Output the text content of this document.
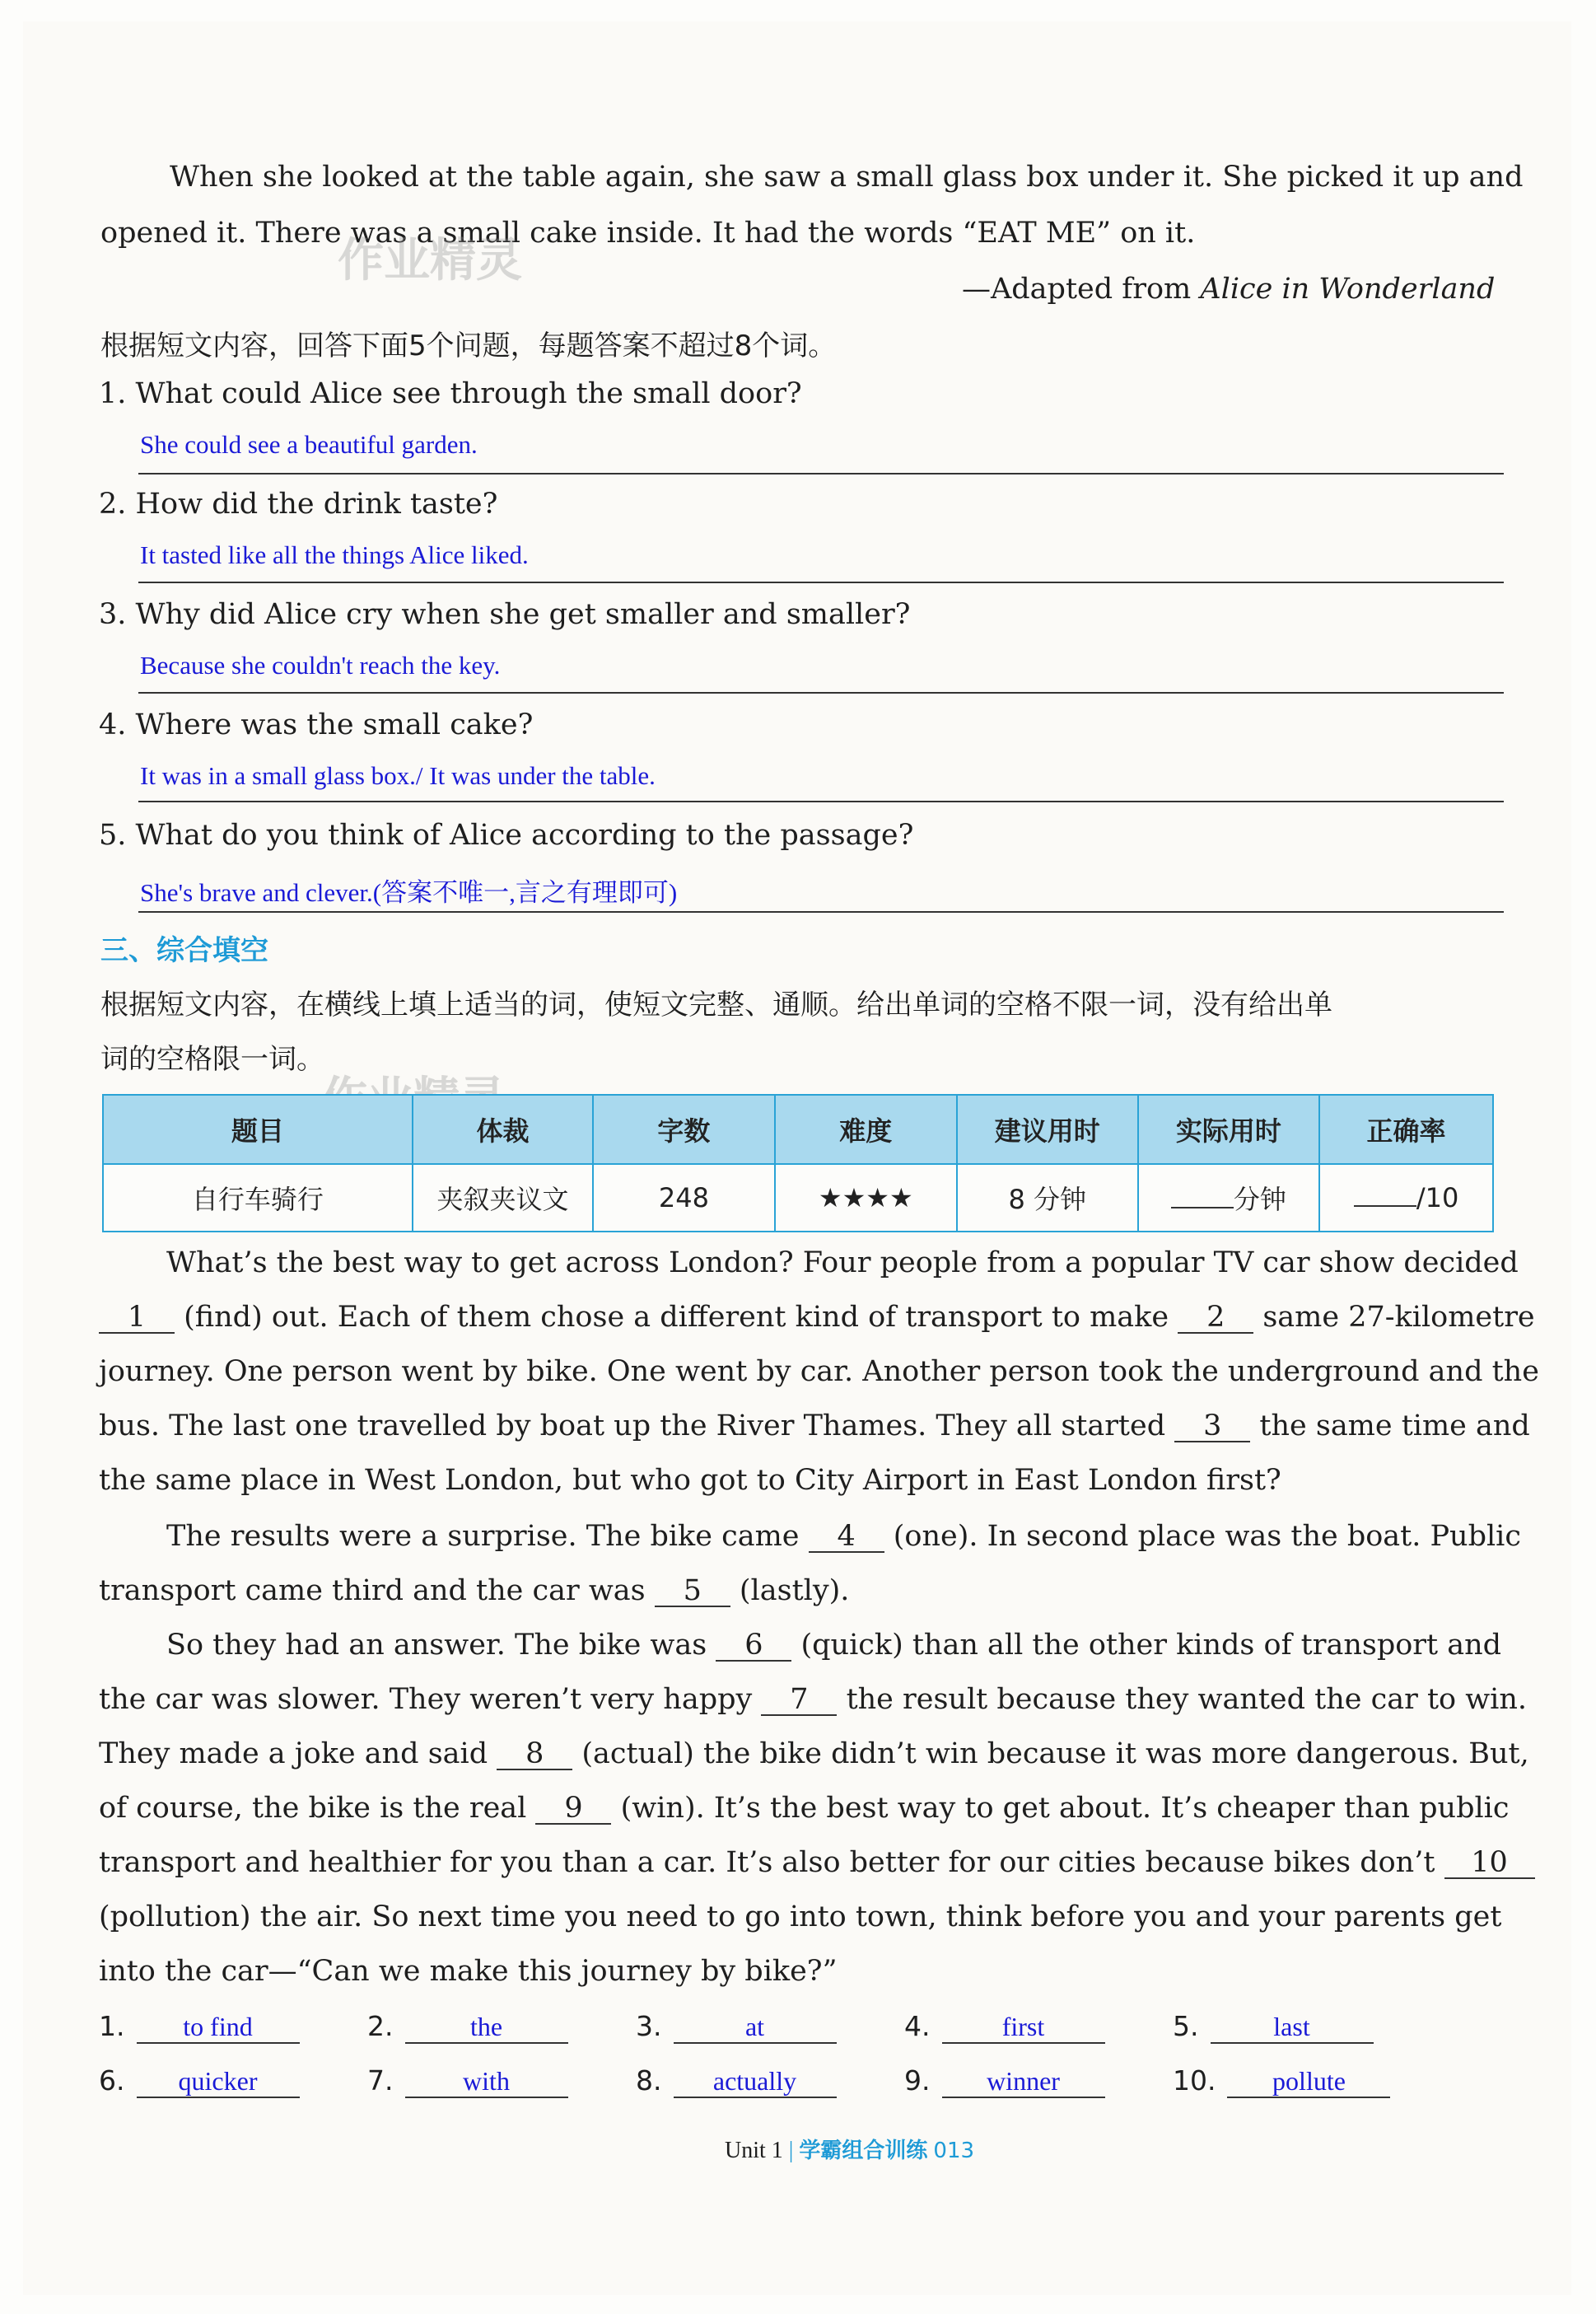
When she looked at the table again, she saw a small glass box under it. She picked it up and
opened it. There was a small cake inside. It had the words “EAT ME” on it.
—Adapted from Alice in Wonderland
作业精灵
根据短文内容，回答下面5个问题，每题答案不超过8个词。
1. What could Alice see through the small door?
She could see a beautiful garden.
2. How did the drink taste?
It tasted like all the things Alice liked.
3. Why did Alice cry when she get smaller and smaller?
Because she couldn't reach the key.
4. Where was the small cake?
It was in a small glass box./ It was under the table.
5. What do you think of Alice according to the passage?
She's brave and clever.(答案不唯一,言之有理即可)
三、综合填空
根据短文内容，在横线上填上适当的词，使短文完整、通顺。给出单词的空格不限一词，没有给出单
词的空格限一词。
题目	体裁	字数	难度	建议用时	实际用时	正确率
自行车骑行	夹叙夹议文	248	★★★★	8 分钟	分钟	/10
What’s the best way to get across London? Four people from a popular TV car show decided
1 (find) out. Each of them chose a different kind of transport to make 2 same 27-kilometre
journey. One person went by bike. One went by car. Another person took the underground and the
bus. The last one travelled by boat up the River Thames. They all started 3 the same time and
the same place in West London, but who got to City Airport in East London first?
The results were a surprise. The bike came 4 (one). In second place was the boat. Public
transport came third and the car was 5 (lastly).
So they had an answer. The bike was 6 (quick) than all the other kinds of transport and
the car was slower. They weren’t very happy 7 the result because they wanted the car to win.
They made a joke and said 8 (actual) the bike didn’t win because it was more dangerous. But,
of course, the bike is the real 9 (win). It’s the best way to get about. It’s cheaper than public
transport and healthier for you than a car. It’s also better for our cities because bikes don’t 10
(pollution) the air. So next time you need to go into town, think before you and your parents get
into the car—“Can we make this journey by bike?”
1. to find	2.	the	3.	at	4.	first	5.	last
6. quicker	7.	with	8. actually	9. winner	10. pollute
Unit 1 | 学霸组合训练 013
